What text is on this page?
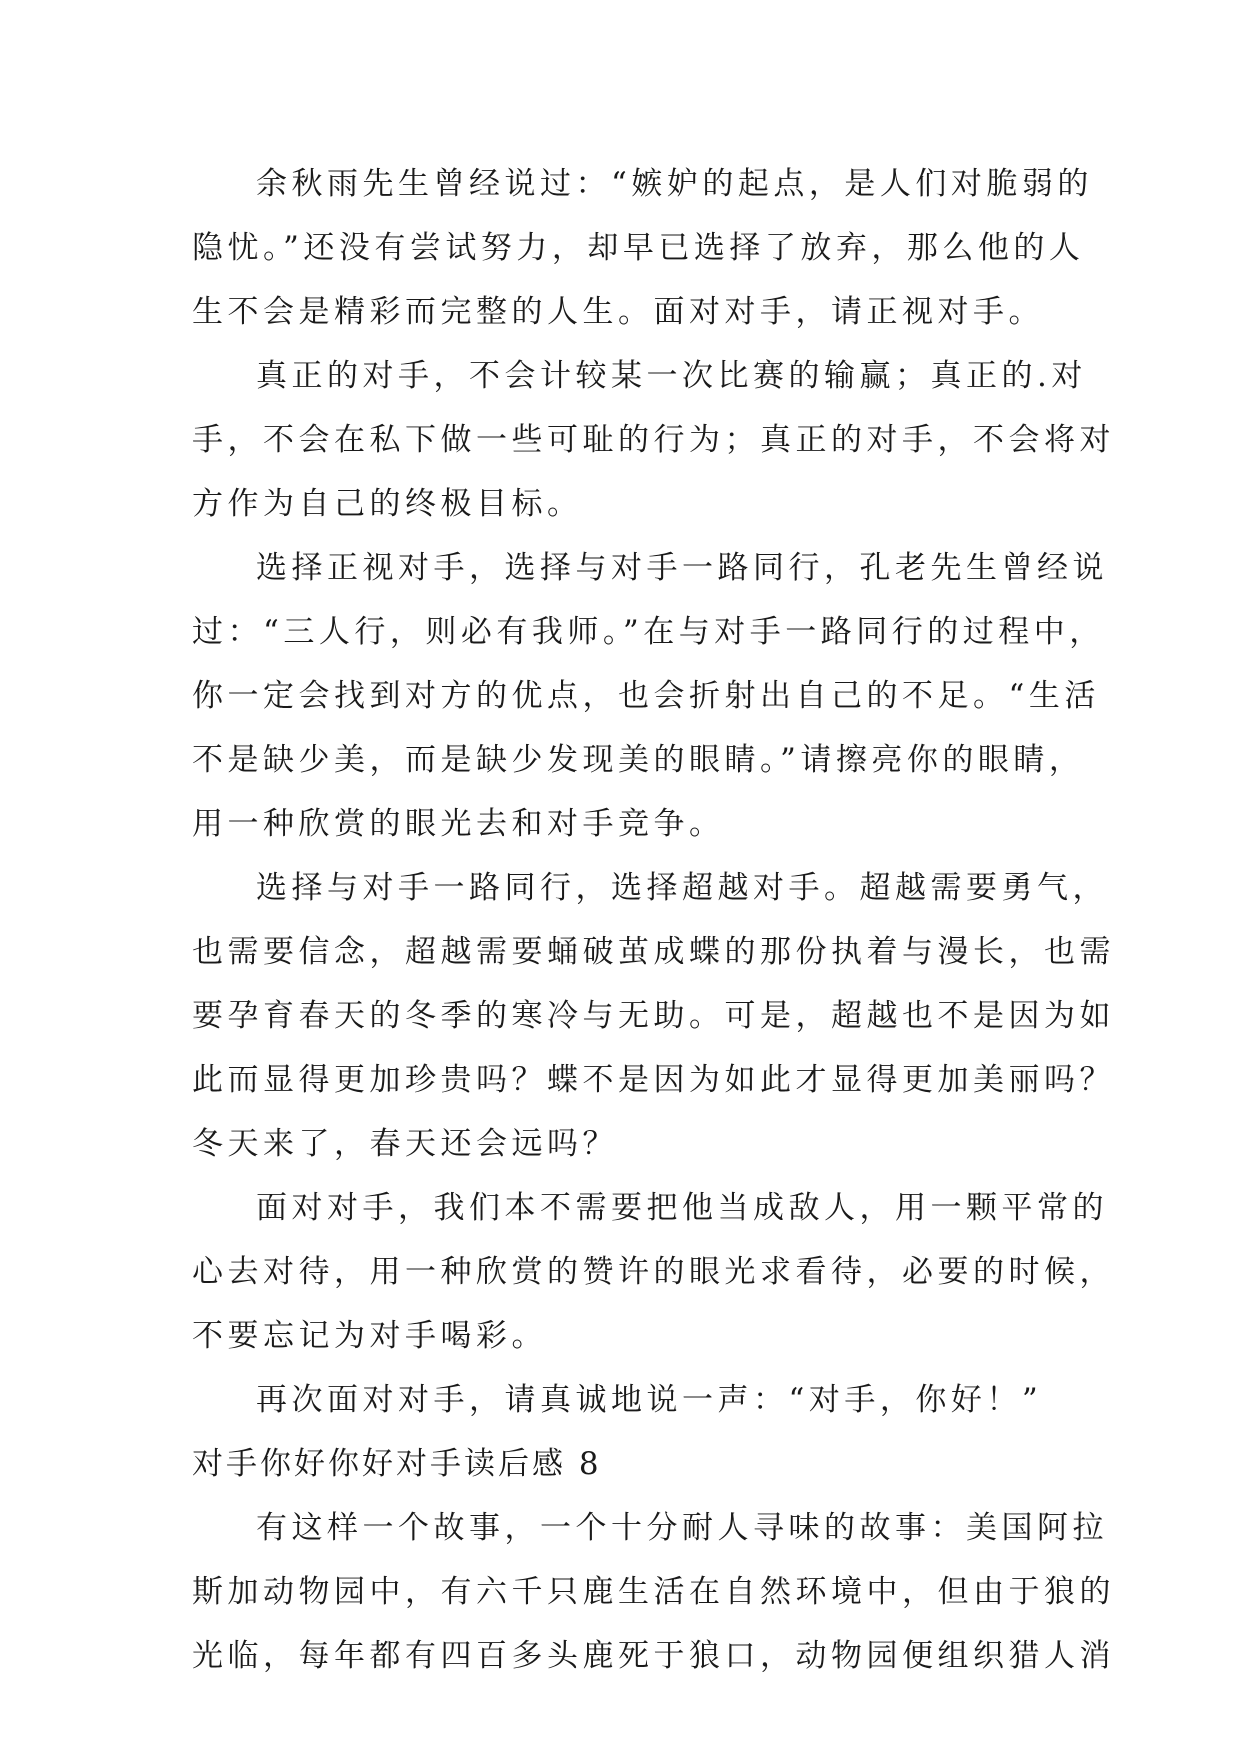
余秋雨先生曾经说过：“嫉妒的起点，是人们对脆弱的
隐忧。”还没有尝试努力，却早已选择了放弃，那么他的人
生不会是精彩而完整的人生。面对对手，请正视对手。
真正的对手，不会计较某一次比赛的输赢；真正的.对
手，不会在私下做一些可耻的行为；真正的对手，不会将对
方作为自己的终极目标。
选择正视对手，选择与对手一路同行，孔老先生曾经说
过：“三人行，则必有我师。”在与对手一路同行的过程中，
你一定会找到对方的优点，也会折射出自己的不足。“生活
不是缺少美，而是缺少发现美的眼睛。”请擦亮你的眼睛，
用一种欣赏的眼光去和对手竞争。
选择与对手一路同行，选择超越对手。超越需要勇气，
也需要信念，超越需要蛹破茧成蝶的那份执着与漫长，也需
要孕育春天的冬季的寒冷与无助。可是，超越也不是因为如
此而显得更加珍贵吗？蝶不是因为如此才显得更加美丽吗？
冬天来了，春天还会远吗？
面对对手，我们本不需要把他当成敌人，用一颗平常的
心去对待，用一种欣赏的赞许的眼光求看待，必要的时候，
不要忘记为对手喝彩。
再次面对对手，请真诚地说一声：“对手，你好！”
对手你好你好对手读后感 8
有这样一个故事，一个十分耐人寻味的故事：美国阿拉
斯加动物园中，有六千只鹿生活在自然环境中，但由于狼的
光临，每年都有四百多头鹿死于狼口，动物园便组织猎人消
